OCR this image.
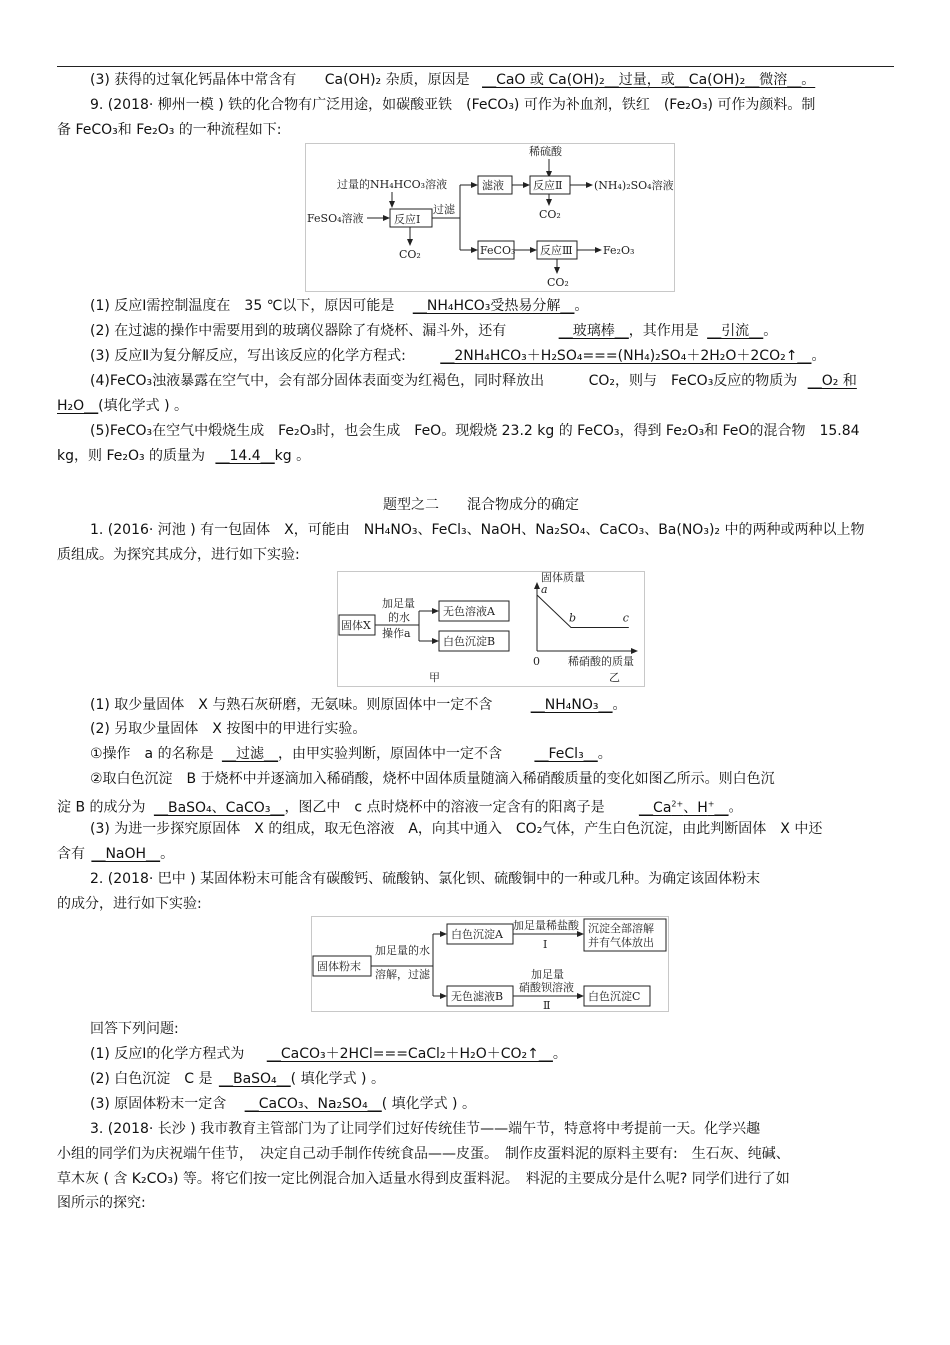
(3) 获得的过氧化钙晶体中常含有 Ca(OH)₂ 杂质，原因是 __CaO 或 Ca(OH)₂__过量，或__Ca(OH)₂__微溶__。
9. (2018· 柳州一模 ) 铁的化合物有广泛用途，如碳酸亚铁　(FeCO₃) 可作为补血剂，铁红　(Fe₂O₃) 可作为颜料。制
备 FeCO₃和 Fe₂O₃ 的一种流程如下:
稀硫酸
过量的NH₄HCO₃溶液
FeSO₄溶液	反应Ⅰ
CO₂
过滤
滤液	反应Ⅱ	(NH₄)₂SO₄溶液
CO₂
FeCO₃ 反应Ⅲ	Fe₂O₃
CO₂
(1) 反应Ⅰ需控制温度在　35 ℃以下，原因可能是 __NH₄HCO₃受热易分解__。
(2) 在过滤的操作中需要用到的玻璃仪器除了有烧杯、漏斗外，还有	__玻璃棒__，其作用是 __引流__。
(3) 反应Ⅱ为复分解反应，写出该反应的化学方程式: __2NH₄HCO₃＋H₂SO₄===(NH₄)₂SO₄＋2H₂O＋2CO₂↑__。
(4)FeCO₃浊液暴露在空气中，会有部分固体表面变为红褐色，同时释放出	CO₂，则与　FeCO₃反应的物质为 __O₂ 和
H₂O__(填化学式 ) 。
(5)FeCO₃在空气中煅烧生成　Fe₂O₃时，也会生成　FeO。现煅烧 23.2 kg 的 FeCO₃，得到 Fe₂O₃和 FeO的混合物　15.84
kg，则 Fe₂O₃ 的质量为 __14.4__kg 。
题型之二　　混合物成分的确定
1. (2016· 河池 ) 有一包固体　X，可能由　NH₄NO₃、FeCl₃、NaOH、Na₂SO₄、CaCO₃、Ba(NO₃)₂ 中的两种或两种以上物
质组成。为探究其成分，进行如下实验:
固体X
加足量
的水
操作a
无色溶液A
白色沉淀B
甲
固体质量
稀硝酸的质量
0
a
b	c
乙
(1) 取少量固体　X 与熟石灰研磨，无氨味。则原固体中一定不含	__NH₄NO₃__。
(2) 另取少量固体　X 按图中的甲进行实验。
①操作　a 的名称是 __过滤__，由甲实验判断，原固体中一定不含 __FeCl₃__。
②取白色沉淀　B 于烧杯中并逐滴加入稀硝酸，烧杯中固体质量随滴入稀硝酸质量的变化如图乙所示。则白色沉
淀 B 的成分为 __BaSO₄、CaCO₃__，图乙中　c 点时烧杯中的溶液一定含有的阳离子是 $\_\_Ca^{2+}$、H+__。
(3) 为进一步探究原固体　X 的组成，取无色溶液　A，向其中通入　CO₂气体，产生白色沉淀，由此判断固体　X 中还
含有 __NaOH__。
2. (2018· 巴中 ) 某固体粉末可能含有碳酸钙、硫酸钠、氯化钡、硫酸铜中的一种或几种。为确定该固体粉末
的成分，进行如下实验:
固体粉末
加足量的水
溶解，过滤
白色沉淀A
加足量稀盐酸
Ⅰ
沉淀全部溶解
并有气体放出
无色滤液B
加足量
硝酸钡溶液
Ⅱ
白色沉淀C
回答下列问题:
(1) 反应Ⅰ的化学方程式为 __CaCO₃＋2HCl===CaCl₂＋H₂O＋CO₂↑__。
(2) 白色沉淀　C 是 __BaSO₄__( 填化学式 ) 。
(3) 原固体粉末一定含 __CaCO₃、Na₂SO₄__( 填化学式 ) 。
3. (2018· 长沙 ) 我市教育主管部门为了让同学们过好传统佳节——端午节，特意将中考提前一天。化学兴趣
小组的同学们为庆祝端午佳节，　决定自己动手制作传统食品——皮蛋。　制作皮蛋料泥的原料主要有:　生石灰、纯碱、
草木灰 ( 含 K₂CO₃) 等。将它们按一定比例混合加入适量水得到皮蛋料泥。　料泥的主要成分是什么呢? 同学们进行了如
图所示的探究:
